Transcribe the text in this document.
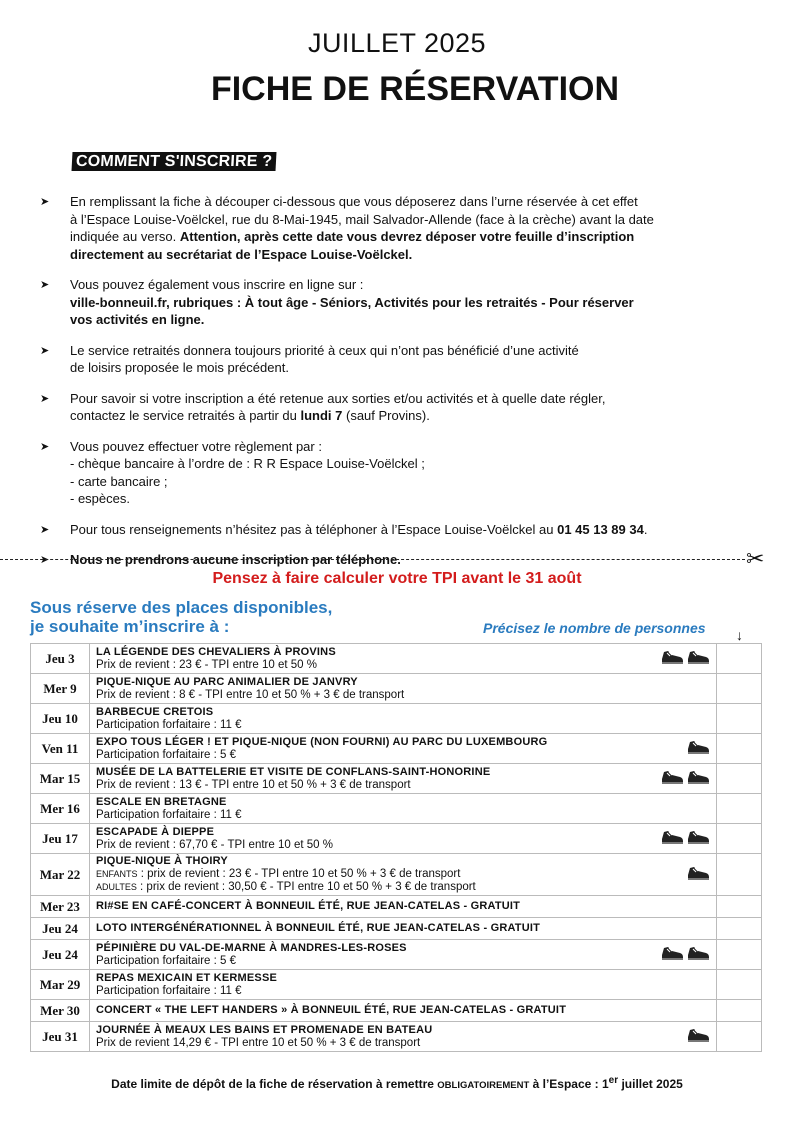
JUILLET 2025
FICHE DE RÉSERVATION
COMMENT S'INSCRIRE ?
➤ En remplissant la fiche à découper ci-dessous que vous déposerez dans l’urne réservée à cet effet
à l’Espace Louise-Voëlckel, rue du 8-Mai-1945, mail Salvador-Allende (face à la crèche) avant la date
indiquée au verso. Attention, après cette date vous devrez déposer votre feuille d’inscription
directement au secrétariat de l’Espace Louise-Voëlckel.
➤ Vous pouvez également vous inscrire en ligne sur :
ville-bonneuil.fr, rubriques : À tout âge - Séniors, Activités pour les retraités - Pour réserver
vos activités en ligne.
➤ Le service retraités donnera toujours priorité à ceux qui n’ont pas bénéficié d’une activité
de loisirs proposée le mois précédent.
➤ Pour savoir si votre inscription a été retenue aux sorties et/ou activités et à quelle date régler,
contactez le service retraités à partir du lundi 7 (sauf Provins).
➤ Vous pouvez effectuer votre règlement par :
- chèque bancaire à l’ordre de : R R Espace Louise-Voëlckel ;
- carte bancaire ;
- espèces.
➤ Pour tous renseignements n’hésitez pas à téléphoner à l’Espace Louise-Voëlckel au 01 45 13 89 34.
➤ Nous ne prendrons aucune inscription par téléphone.	✂
Pensez à faire calculer votre TPI avant le 31 août
Sous réserve des places disponibles,
je souhaite m’inscrire à :	Précisez le nombre de personnes ↓
Jeu 3	LA LÉGENDE DES CHEVALIERS À PROVINS
Prix de revient : 23 € - TPI entre 10 et 50 %	

Mer 9	PIQUE-NIQUE AU PARC ANIMALIER DE JANVRY
Prix de revient : 8 € - TPI entre 10 et 50 % + 3 € de transport	

Jeu 10	BARBECUE CRETOIS
Participation forfaitaire : 11 €	

Ven 11	EXPO TOUS LÉGER ! ET PIQUE-NIQUE (NON FOURNI) AU PARC DU LUXEMBOURG
Participation forfaitaire : 5 €	

Mar 15	MUSÉE DE LA BATTELERIE ET VISITE DE CONFLANS-SAINT-HONORINE
Prix de revient : 13 € - TPI entre 10 et 50 % + 3 € de transport	

Mer 16	ESCALE EN BRETAGNE
Participation forfaitaire : 11 €	

Jeu 17	ESCAPADE À DIEPPE
Prix de revient : 67,70 € - TPI entre 10 et 50 %	

Mar 22	PIQUE-NIQUE À THOIRY
ENFANTS : prix de revient : 23 € - TPI entre 10 et 50 % + 3 € de transport
ADULTES : prix de revient : 30,50 € - TPI entre 10 et 50 % + 3 € de transport	

Mer 23	RI#SE EN CAFÉ-CONCERT À BONNEUIL ÉTÉ, RUE JEAN-CATELAS - GRATUIT	

Jeu 24	LOTO INTERGÉNÉRATIONNEL À BONNEUIL ÉTÉ, RUE JEAN-CATELAS - GRATUIT	

Jeu 24	PÉPINIÈRE DU VAL-DE-MARNE À MANDRES-LES-ROSES
Participation forfaitaire : 5 €	

Mar 29	REPAS MEXICAIN ET KERMESSE
Participation forfaitaire : 11 €	

Mer 30	CONCERT « THE LEFT HANDERS » À BONNEUIL ÉTÉ, RUE JEAN-CATELAS - GRATUIT	

Jeu 31	JOURNÉE À MEAUX LES BAINS ET PROMENADE EN BATEAU
Prix de revient 14,29 € - TPI entre 10 et 50 % + 3 € de transport	

Date limite de dépôt de la fiche de réservation à remettre OBLIGATOIREMENT à l’Espace : 1er juillet 2025
